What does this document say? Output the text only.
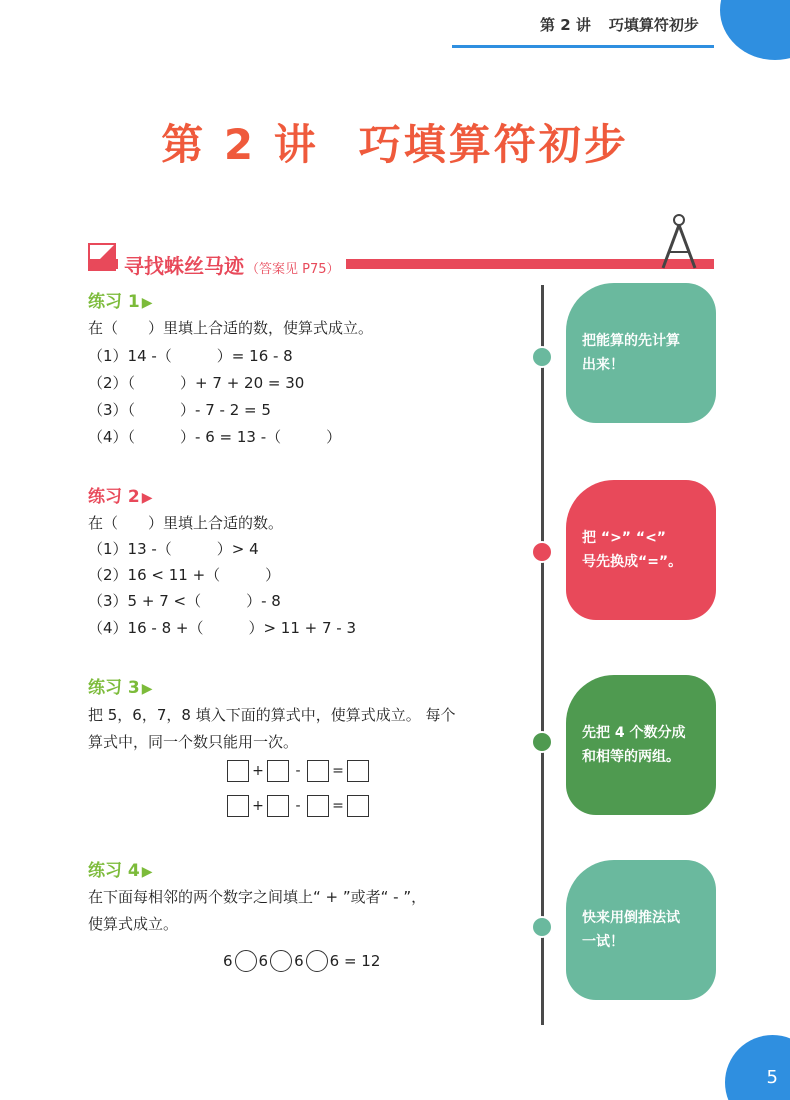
5
第 2 讲 巧填算符初步
第 2 讲 巧填算符初步
寻找蛛丝马迹 （答案见 P75）
把能算的先计算
出来！
把 “>” “<”
号先换成“=”。
先把 4 个数分成
和相等的两组。
快来用倒推法试
一试！
练习 1 ▶
在（　　）里填上合适的数，使算式成立。
（1）14 -（　　　）= 16 - 8
（2）（　　　）+ 7 + 20 = 30
（3）（　　　）- 7 - 2 = 5
（4）（　　　）- 6 = 13 -（　　　）
练习 2 ▶
在（　　）里填上合适的数。
（1）13 -（　　　）> 4
（2）16 < 11 +（　　　）
（3）5 + 7 <（　　　）- 8
（4）16 - 8 +（　　　）> 11 + 7 - 3
练习 3 ▶
把 5，6，7，8 填入下面的算式中，使算式成立。 每个
算式中，同一个数只能用一次。
+ - =
+ - =
练习 4 ▶
在下面每相邻的两个数字之间填上“ + ”或者“ - ”，
使算式成立。
6 6 6 6 = 12
